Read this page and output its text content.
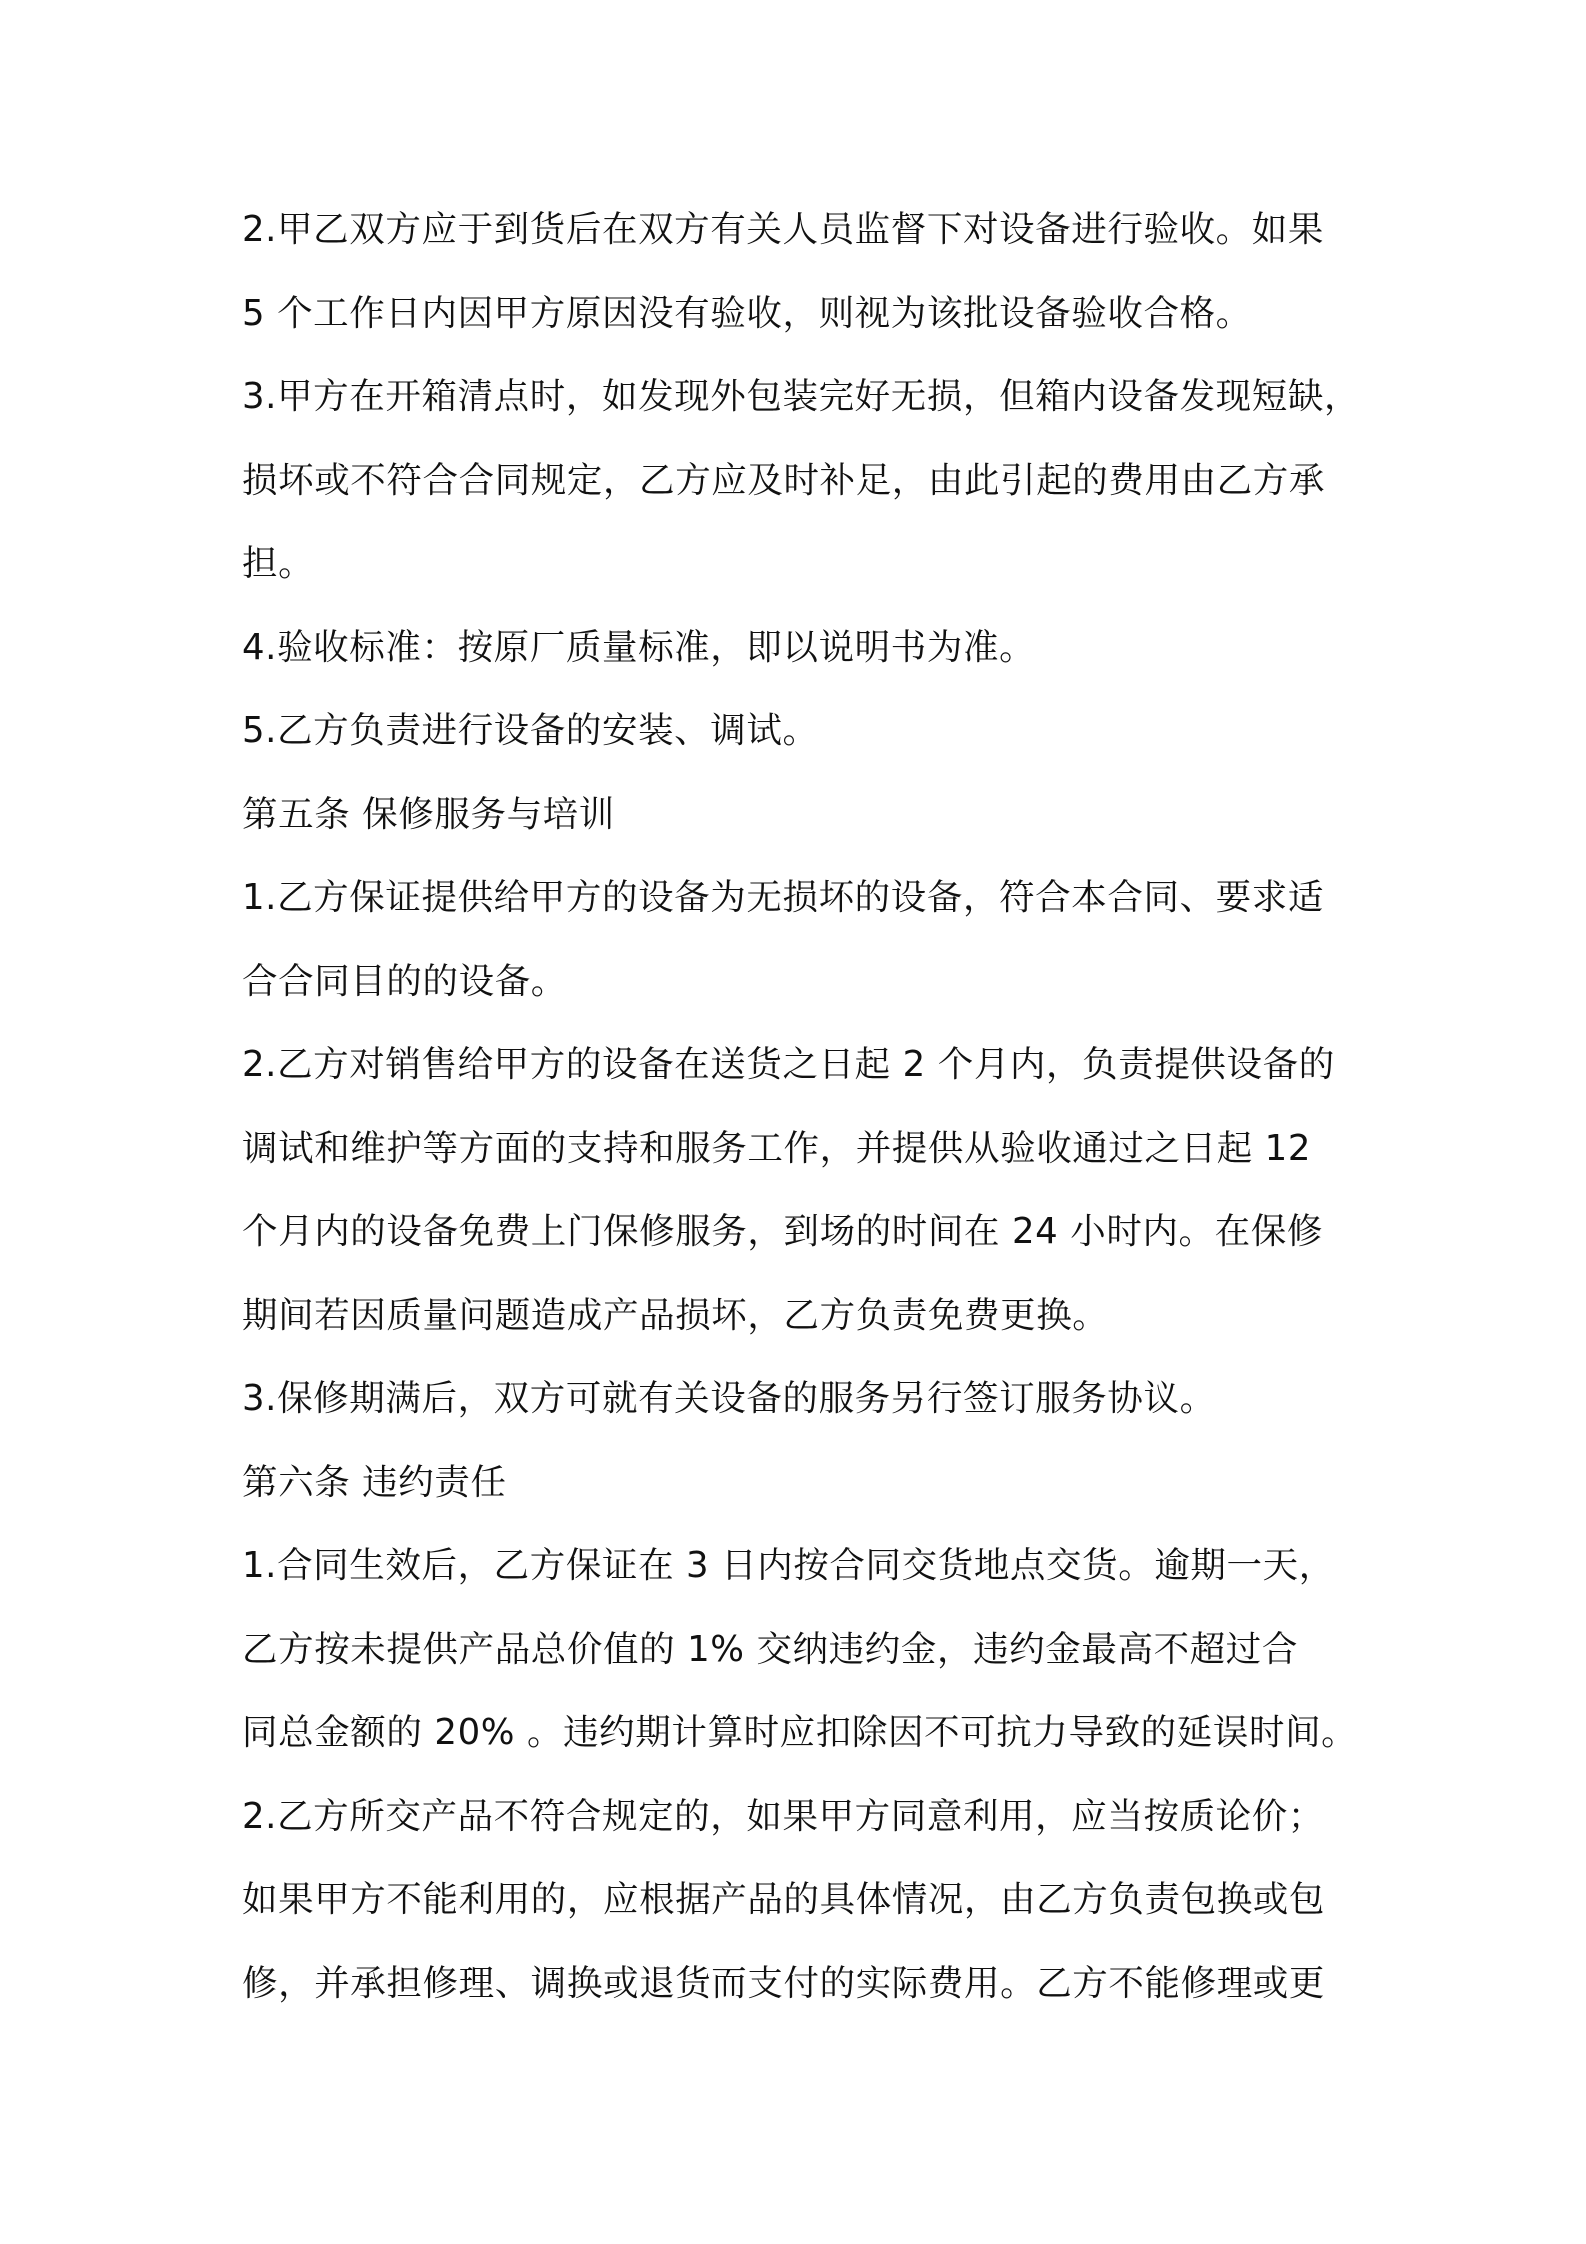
2.甲乙双方应于到货后在双方有关人员监督下对设备进行验收。如果
5 个工作日内因甲方原因没有验收，则视为该批设备验收合格。
3.甲方在开箱清点时，如发现外包装完好无损，但箱内设备发现短缺，
损坏或不符合合同规定，乙方应及时补足，由此引起的费用由乙方承
担。
4.验收标准：按原厂质量标准，即以说明书为准。
5.乙方负责进行设备的安装、调试。
第五条 保修服务与培训
1.乙方保证提供给甲方的设备为无损坏的设备，符合本合同、要求适
合合同目的的设备。
2.乙方对销售给甲方的设备在送货之日起 2 个月内，负责提供设备的
调试和维护等方面的支持和服务工作，并提供从验收通过之日起 12
个月内的设备免费上门保修服务，到场的时间在 24 小时内。在保修
期间若因质量问题造成产品损坏，乙方负责免费更换。
3.保修期满后，双方可就有关设备的服务另行签订服务协议。
第六条 违约责任
1.合同生效后，乙方保证在 3 日内按合同交货地点交货。逾期一天，
乙方按未提供产品总价值的 1% 交纳违约金，违约金最高不超过合
同总金额的 20% 。违约期计算时应扣除因不可抗力导致的延误时间。
2.乙方所交产品不符合规定的，如果甲方同意利用，应当按质论价；
如果甲方不能利用的，应根据产品的具体情况，由乙方负责包换或包
修，并承担修理、调换或退货而支付的实际费用。乙方不能修理或更
